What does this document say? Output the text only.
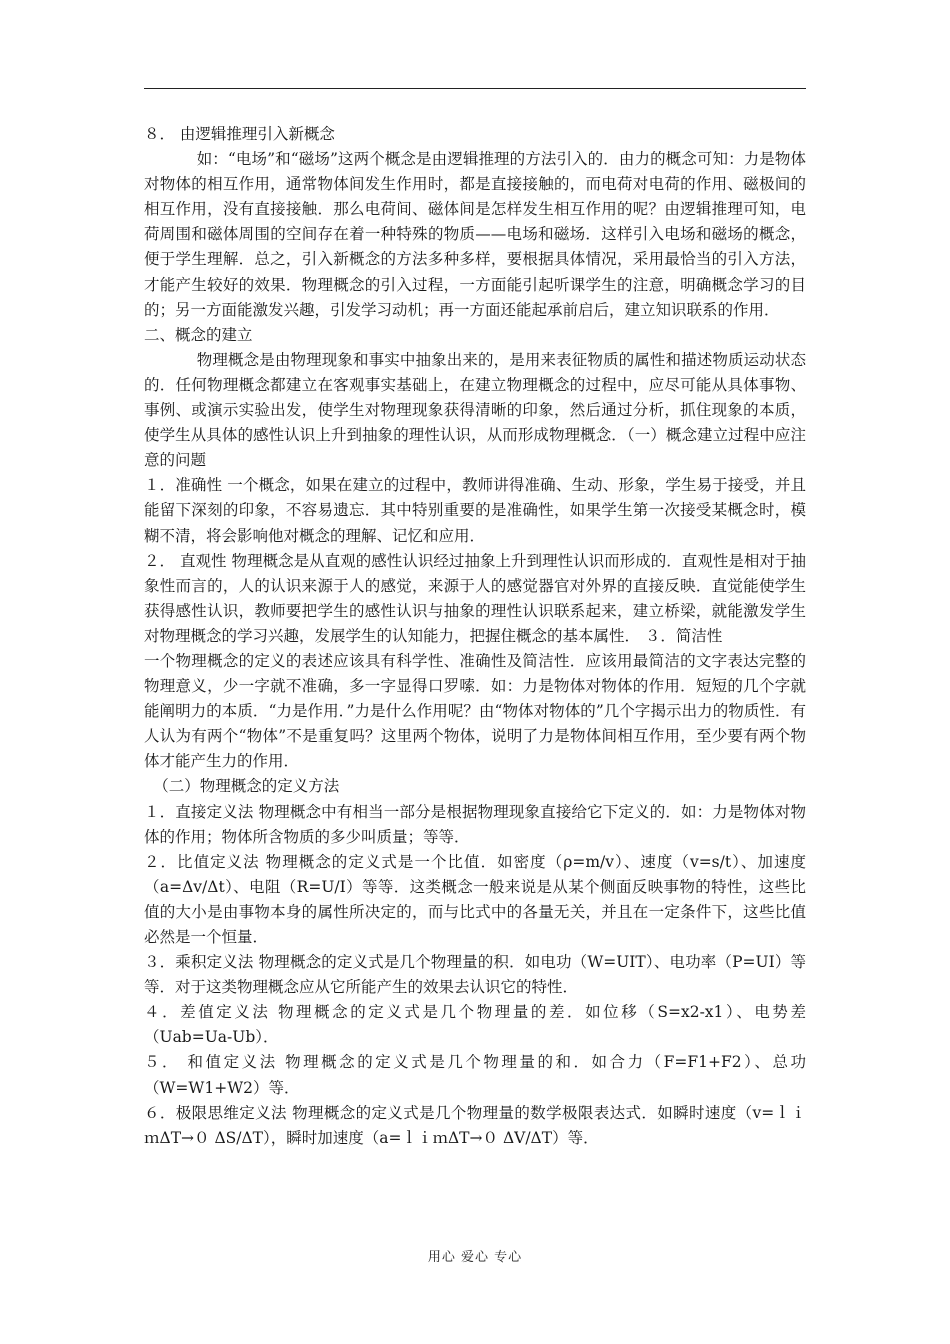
８． 由逻辑推理引入新概念

如：“电场”和“磁场”这两个概念是由逻辑推理的方法引入的．由力的概念可知：力是物体对物体的相互作用，通常物体间发生作用时，都是直接接触的，而电荷对电荷的作用、磁极间的相互作用，没有直接接触．那么电荷间、磁体间是怎样发生相互作用的呢？由逻辑推理可知，电荷周围和磁体周围的空间存在着一种特殊的物质——电场和磁场．这样引入电场和磁场的概念，便于学生理解．总之，引入新概念的方法多种多样，要根据具体情况，采用最恰当的引入方法，才能产生较好的效果．物理概念的引入过程，一方面能引起听课学生的注意，明确概念学习的目的；另一方面能激发兴趣，引发学习动机；再一方面还能起承前启后，建立知识联系的作用．

二、概念的建立

物理概念是由物理现象和事实中抽象出来的，是用来表征物质的属性和描述物质运动状态的．任何物理概念都建立在客观事实基础上，在建立物理概念的过程中，应尽可能从具体事物、事例、或演示实验出发，使学生对物理现象获得清晰的印象，然后通过分析，抓住现象的本质，使学生从具体的感性认识上升到抽象的理性认识，从而形成物理概念．（一）概念建立过程中应注意的问题

１．准确性 一个概念，如果在建立的过程中，教师讲得准确、生动、形象，学生易于接受，并且能留下深刻的印象，不容易遗忘．其中特别重要的是准确性，如果学生第一次接受某概念时，模糊不清，将会影响他对概念的理解、记忆和应用．

２． 直观性 物理概念是从直观的感性认识经过抽象上升到理性认识而形成的．直观性是相对于抽象性而言的，人的认识来源于人的感觉，来源于人的感觉器官对外界的直接反映．直觉能使学生获得感性认识，教师要把学生的感性认识与抽象的理性认识联系起来，建立桥梁，就能激发学生对物理概念的学习兴趣，发展学生的认知能力，把握住概念的基本属性． ３．简洁性

一个物理概念的定义的表述应该具有科学性、准确性及简洁性．应该用最简洁的文字表达完整的物理意义，少一字就不准确，多一字显得口罗嗦．如：力是物体对物体的作用．短短的几个字就能阐明力的本质．“力是作用．”力是什么作用呢？由“物体对物体的”几个字揭示出力的物质性．有人认为有两个“物体”不是重复吗？这里两个物体，说明了力是物体间相互作用，至少要有两个物体才能产生力的作用．

（二）物理概念的定义方法

１．直接定义法 物理概念中有相当一部分是根据物理现象直接给它下定义的．如：力是物体对物体的作用；物体所含物质的多少叫质量；等等．

２．比值定义法 物理概念的定义式是一个比值．如密度（ρ=m/v）、速度（v=s/t）、加速度（a=Δv/Δt）、电阻（R=U/I）等等．这类概念一般来说是从某个侧面反映事物的特性，这些比值的大小是由事物本身的属性所决定的，而与比式中的各量无关，并且在一定条件下，这些比值必然是一个恒量．

３．乘积定义法 物理概念的定义式是几个物理量的积．如电功（W=UIT）、电功率（P=UI）等等．对于这类物理概念应从它所能产生的效果去认识它的特性．

４．差值定义法 物理概念的定义式是几个物理量的差．如位移（S=x2-x1）、电势差（Uab=Ua-Ub）．

５． 和值定义法 物理概念的定义式是几个物理量的和．如合力（F=F1+F2）、总功（W=W1+W2）等．

６．极限思维定义法 物理概念的定义式是几个物理量的数学极限表达式．如瞬时速度（v=ｌｉｍΔT→０ ΔS/ΔT），瞬时加速度（a=ｌｉｍΔT→０ ΔV/ΔT）等．

用心 爱心 专心
